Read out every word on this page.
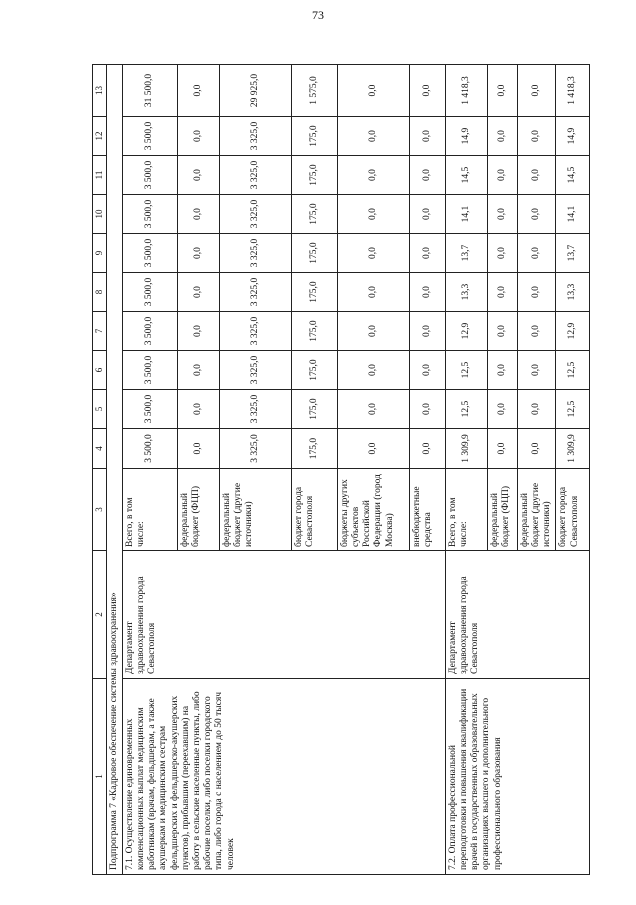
73
1	2	3	4	5	6	7	8	9	10	11	12	13
Подпрограмма 7 «Кадровое обеспечение системы здравоохранения»												
7.1. Осуществление единовременных компенсационных выплат медицинским работникам (врачам, фельдшерам, а также акушеркам и медицинским сестрам фельдшерских и фельдшерско-акушерских пунктов), прибывшим (переехавшим) на работу в сельские населенные пункты, либо рабочие поселки, либо поселки городского типа, либо города с населением до 50 тысяч человек	Департамент здравоохранения города Севастополя	Всего, в том числе:	3 500,0	3 500,0	3 500,0	3 500,0	3 500,0	3 500,0	3 500,0	3 500,0	3 500,0	31 500,0
		федеральный бюджет (ФЦП)	0,0	0,0	0,0	0,0	0,0	0,0	0,0	0,0	0,0	0,0
		федеральный бюджет (другие источники)	3 325,0	3 325,0	3 325,0	3 325,0	3 325,0	3 325,0	3 325,0	3 325,0	3 325,0	29 925,0
		бюджет города Севастополя	175,0	175,0	175,0	175,0	175,0	175,0	175,0	175,0	175,0	1 575,0
		бюджеты других субъектов Российской Федерации (город Москва)	0,0	0,0	0,0	0,0	0,0	0,0	0,0	0,0	0,0	0,0
		внебюджетные средства	0,0	0,0	0,0	0,0	0,0	0,0	0,0	0,0	0,0	0,0
7.2. Оплата профессиональной переподготовки и повышения квалификации врачей в государственных образовательных организациях высшего и дополнительного профессионального образования	Департамент здравоохранения города Севастополя	Всего, в том числе:	1 309,9	12,5	12,5	12,9	13,3	13,7	14,1	14,5	14,9	1 418,3
		федеральный бюджет (ФЦП)	0,0	0,0	0,0	0,0	0,0	0,0	0,0	0,0	0,0	0,0
		федеральный бюджет (другие источники)	0,0	0,0	0,0	0,0	0,0	0,0	0,0	0,0	0,0	0,0
		бюджет города Севастополя	1 309,9	12,5	12,5	12,9	13,3	13,7	14,1	14,5	14,9	1 418,3
